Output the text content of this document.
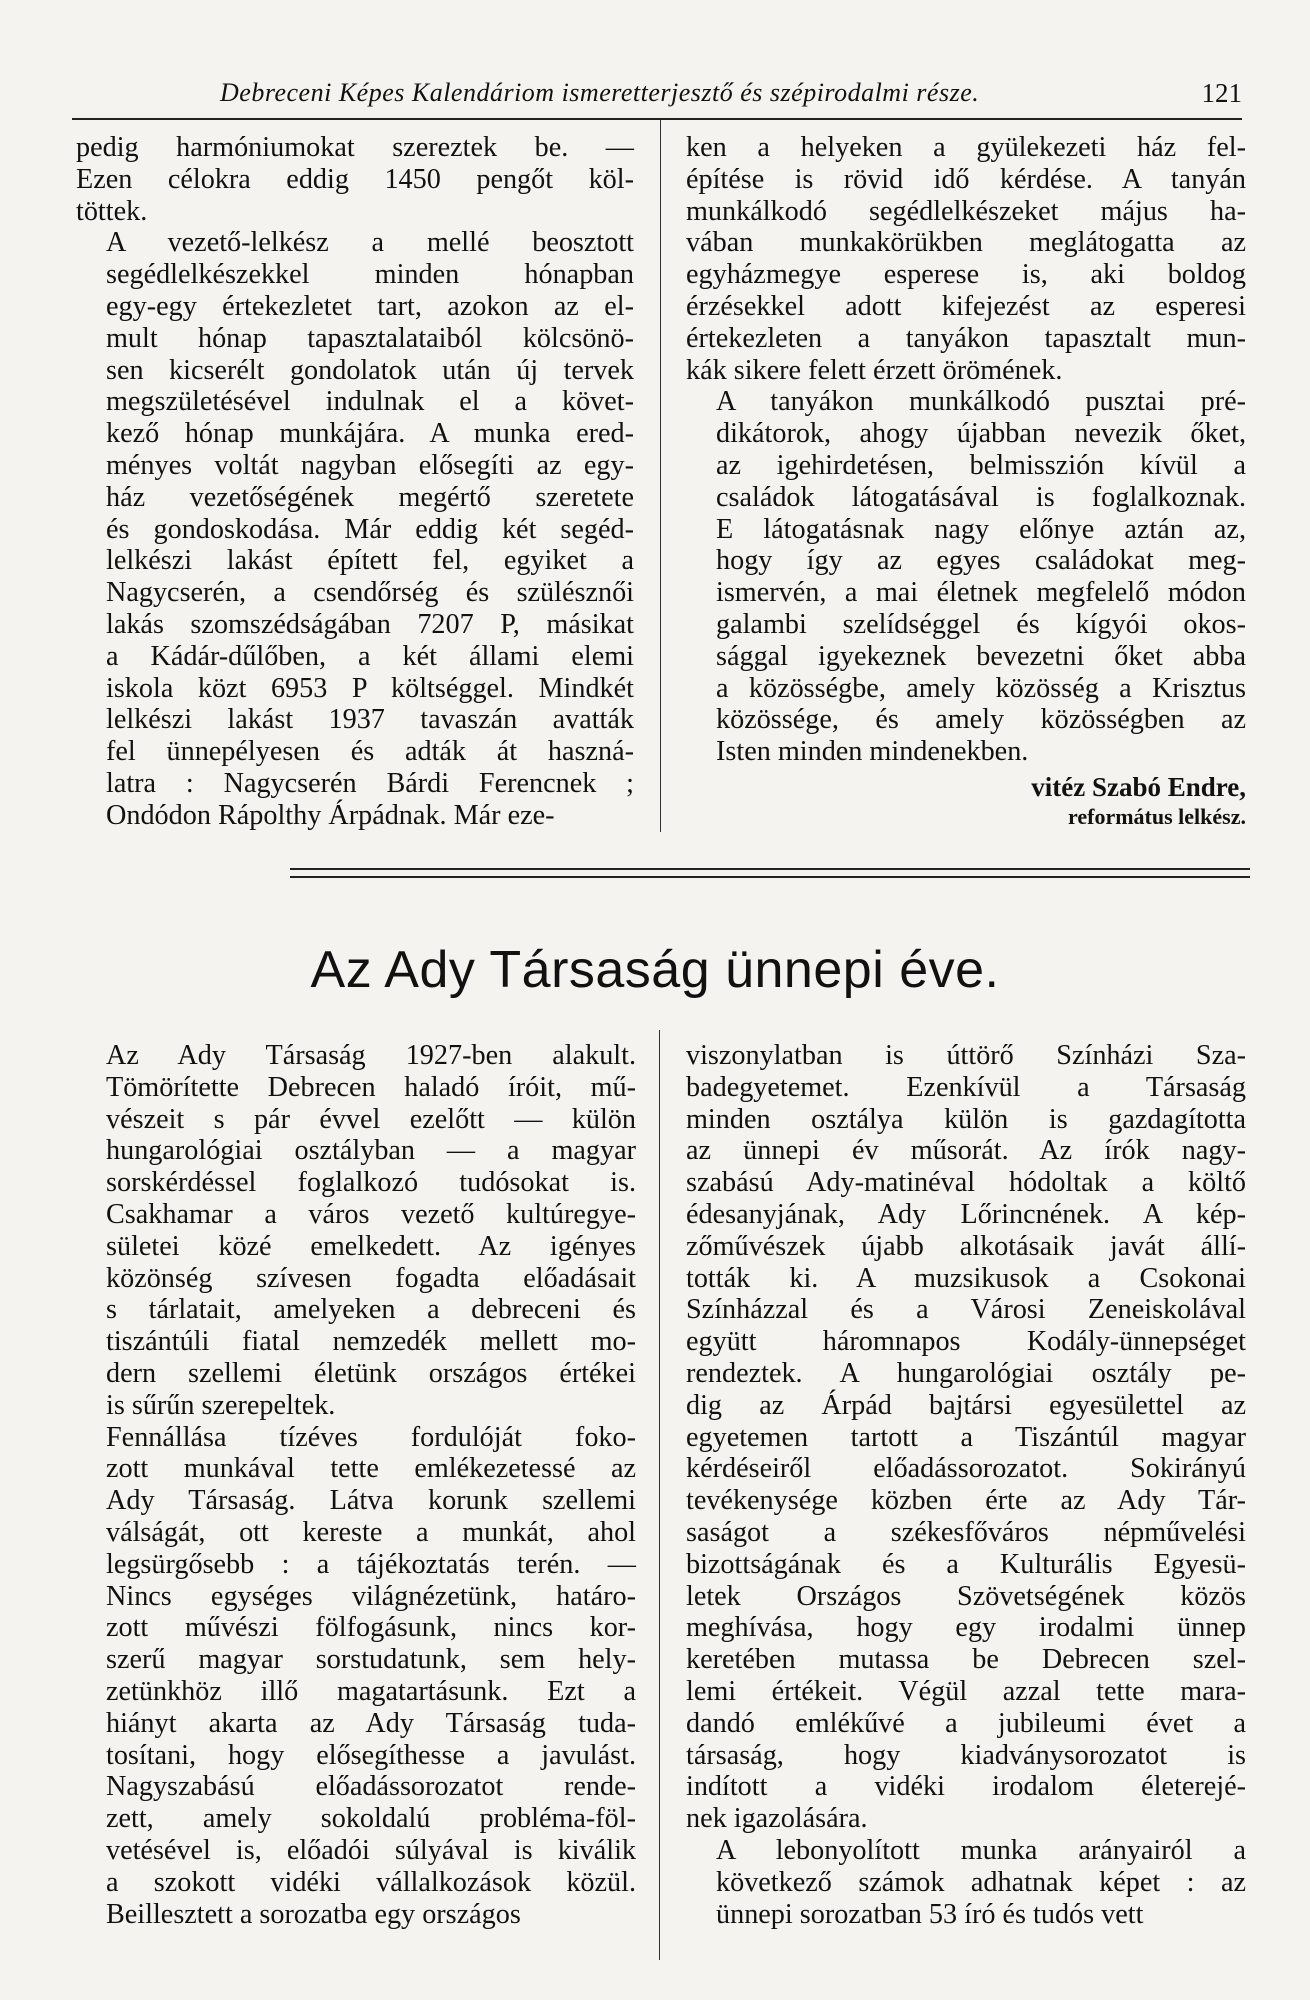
Debreceni Képes Kalendáriom ismeretterjesztő és szépirodalmi része.	121

pedig harmóniumokat szereztek be. —
Ezen célokra eddig 1450 pengőt köl-
töttek.

A vezető-lelkész a mellé beosztott
segédlelkészekkel minden hónapban
egy-egy értekezletet tart, azokon az el-
mult hónap tapasztalataiból kölcsönö-
sen kicserélt gondolatok után új tervek
megszületésével indulnak el a követ-
kező hónap munkájára. A munka ered-
ményes voltát nagyban elősegíti az egy-
ház vezetőségének megértő szeretete
és gondoskodása. Már eddig két segéd-
lelkészi lakást épített fel, egyiket a
Nagycserén, a csendőrség és szülésznői
lakás szomszédságában 7207 P, másikat
a Kádár-dűlőben, a két állami elemi
iskola közt 6953 P költséggel. Mindkét
lelkészi lakást 1937 tavaszán avatták
fel ünnepélyesen és adták át haszná-
latra : Nagycserén Bárdi Ferencnek ;
Ondódon Rápolthy Árpádnak. Már eze-

ken a helyeken a gyülekezeti ház fel-
építése is rövid idő kérdése. A tanyán
munkálkodó segédlelkészeket május ha-
vában munkakörükben meglátogatta az
egyházmegye esperese is, aki boldog
érzésekkel adott kifejezést az esperesi
értekezleten a tanyákon tapasztalt mun-
kák sikere felett érzett örömének.

A tanyákon munkálkodó pusztai pré-
dikátorok, ahogy újabban nevezik őket,
az igehirdetésen, belmisszión kívül a
családok látogatásával is foglalkoznak.
E látogatásnak nagy előnye aztán az,
hogy így az egyes családokat meg-
ismervén, a mai életnek megfelelő módon
galambi szelídséggel és kígyói okos-
sággal igyekeznek bevezetni őket abba
a közösségbe, amely közösség a Krisztus
közössége, és amely közösségben az
Isten minden mindenekben.

vitéz Szabó Endre,
református lelkész.
Az Ady Társaság ünnepi éve.

Az Ady Társaság 1927-ben alakult.
Tömörítette Debrecen haladó íróit, mű-
vészeit s pár évvel ezelőtt — külön
hungarológiai osztályban — a magyar
sorskérdéssel foglalkozó tudósokat is.
Csakhamar a város vezető kultúregye-
sületei közé emelkedett. Az igényes
közönség szívesen fogadta előadásait
s tárlatait, amelyeken a debreceni és
tiszántúli fiatal nemzedék mellett mo-
dern szellemi életünk országos értékei
is sűrűn szerepeltek.

Fennállása tízéves fordulóját foko-
zott munkával tette emlékezetessé az
Ady Társaság. Látva korunk szellemi
válságát, ott kereste a munkát, ahol
legsürgősebb : a tájékoztatás terén. —
Nincs egységes világnézetünk, határo-
zott művészi fölfogásunk, nincs kor-
szerű magyar sorstudatunk, sem hely-
zetünkhöz illő magatartásunk. Ezt a
hiányt akarta az Ady Társaság tuda-
tosítani, hogy elősegíthesse a javulást.
Nagyszabású előadássorozatot rende-
zett, amely sokoldalú probléma-föl-
vetésével is, előadói súlyával is kiválik
a szokott vidéki vállalkozások közül.
Beillesztett a sorozatba egy országos

viszonylatban is úttörő Színházi Sza-
badegyetemet. Ezenkívül a Társaság
minden osztálya külön is gazdagította
az ünnepi év műsorát. Az írók nagy-
szabású Ady-matinéval hódoltak a költő
édesanyjának, Ady Lőrincnének. A kép-
zőművészek újabb alkotásaik javát állí-
tották ki. A muzsikusok a Csokonai
Színházzal és a Városi Zeneiskolával
együtt háromnapos Kodály-ünnepséget
rendeztek. A hungarológiai osztály pe-
dig az Árpád bajtársi egyesülettel az
egyetemen tartott a Tiszántúl magyar
kérdéseiről előadássorozatot. Sokirányú
tevékenysége közben érte az Ady Tár-
saságot a székesfőváros népművelési
bizottságának és a Kulturális Egyesü-
letek Országos Szövetségének közös
meghívása, hogy egy irodalmi ünnep
keretében mutassa be Debrecen szel-
lemi értékeit. Végül azzal tette mara-
dandó emlékűvé a jubileumi évet a
társaság, hogy kiadványsorozatot is
indított a vidéki irodalom életerejé-
nek igazolására.

A lebonyolított munka arányairól a
következő számok adhatnak képet : az
ünnepi sorozatban 53 író és tudós vett
